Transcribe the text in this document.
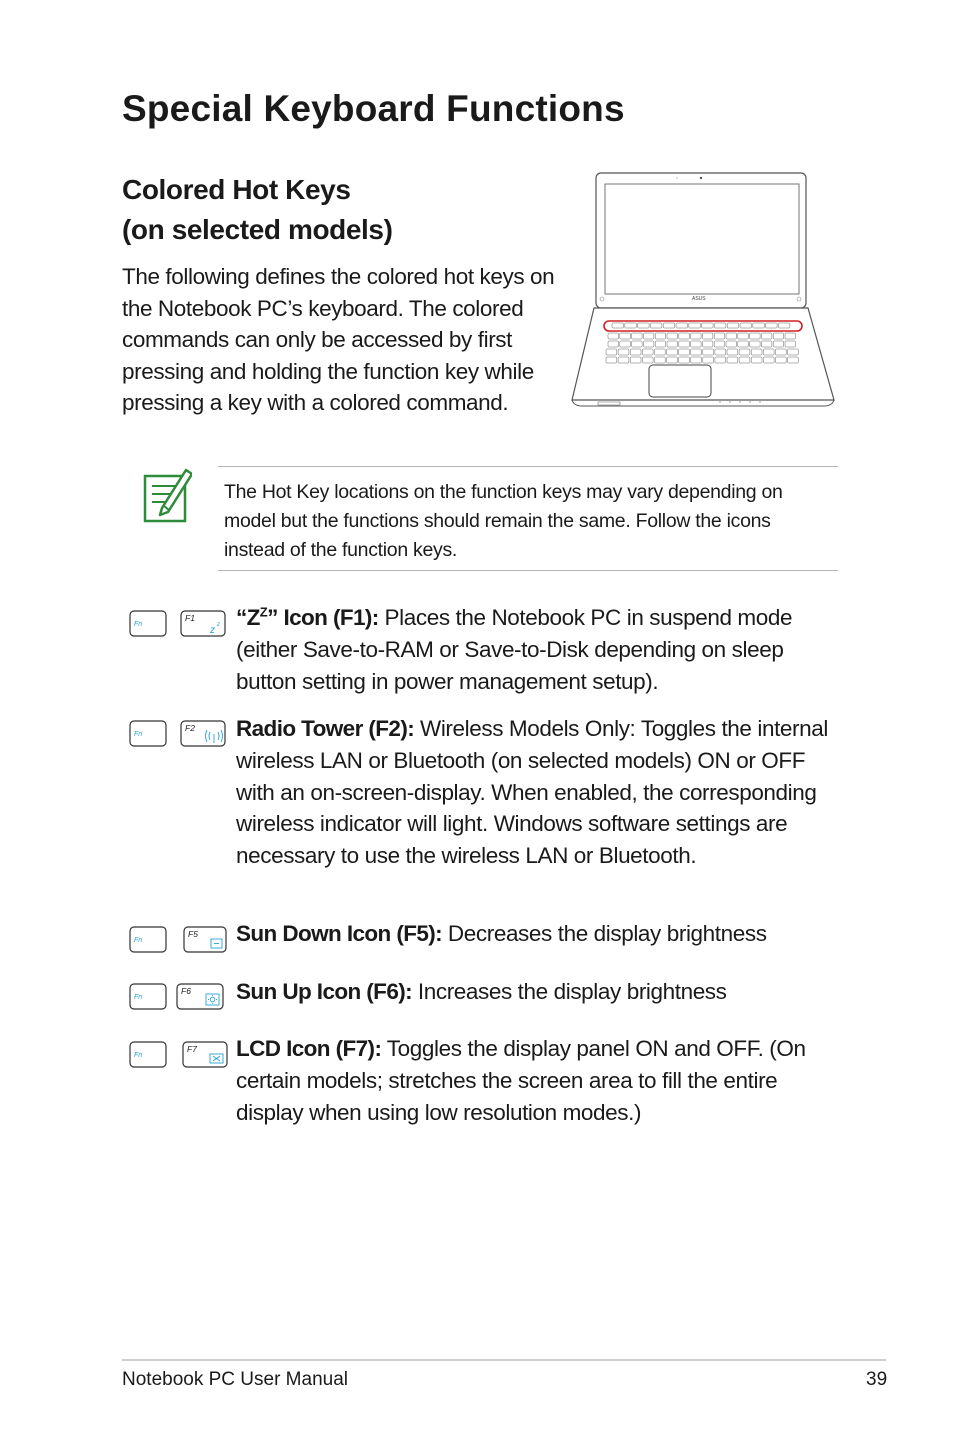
Special Keyboard Functions
Colored Hot Keys
(on selected models)

The following defines the colored hot keys on the Notebook PC’s keyboard. The colored commands can only be accessed by first pressing and holding the function key while pressing a key with a colored command.

ASUS

The Hot Key locations on the function keys may vary depending on model but the functions should remain the same. Follow the icons instead of the function keys.

Fn
F1
z z “$Z^Z$” Icon (F1): Places the Notebook PC in suspend mode (either Save-to-RAM or Save-to-Disk depending on sleep button setting in power management setup).

Fn
F2 Radio Tower (F2): Wireless Models Only: Toggles the internal wireless LAN or Bluetooth (on selected models) ON or OFF with an on-screen-display. When enabled, the corresponding wireless indicator will light. Windows software settings are necessary to use the wireless LAN or Bluetooth.

Fn
F5 Sun Down Icon (F5): Decreases the display brightness

Fn
F6 Sun Up Icon (F6): Increases the display brightness

Fn
F7 LCD Icon (F7): Toggles the display panel ON and OFF. (On certain models; stretches the screen area to fill the entire display when using low resolution modes.)

Notebook PC User Manual	39
